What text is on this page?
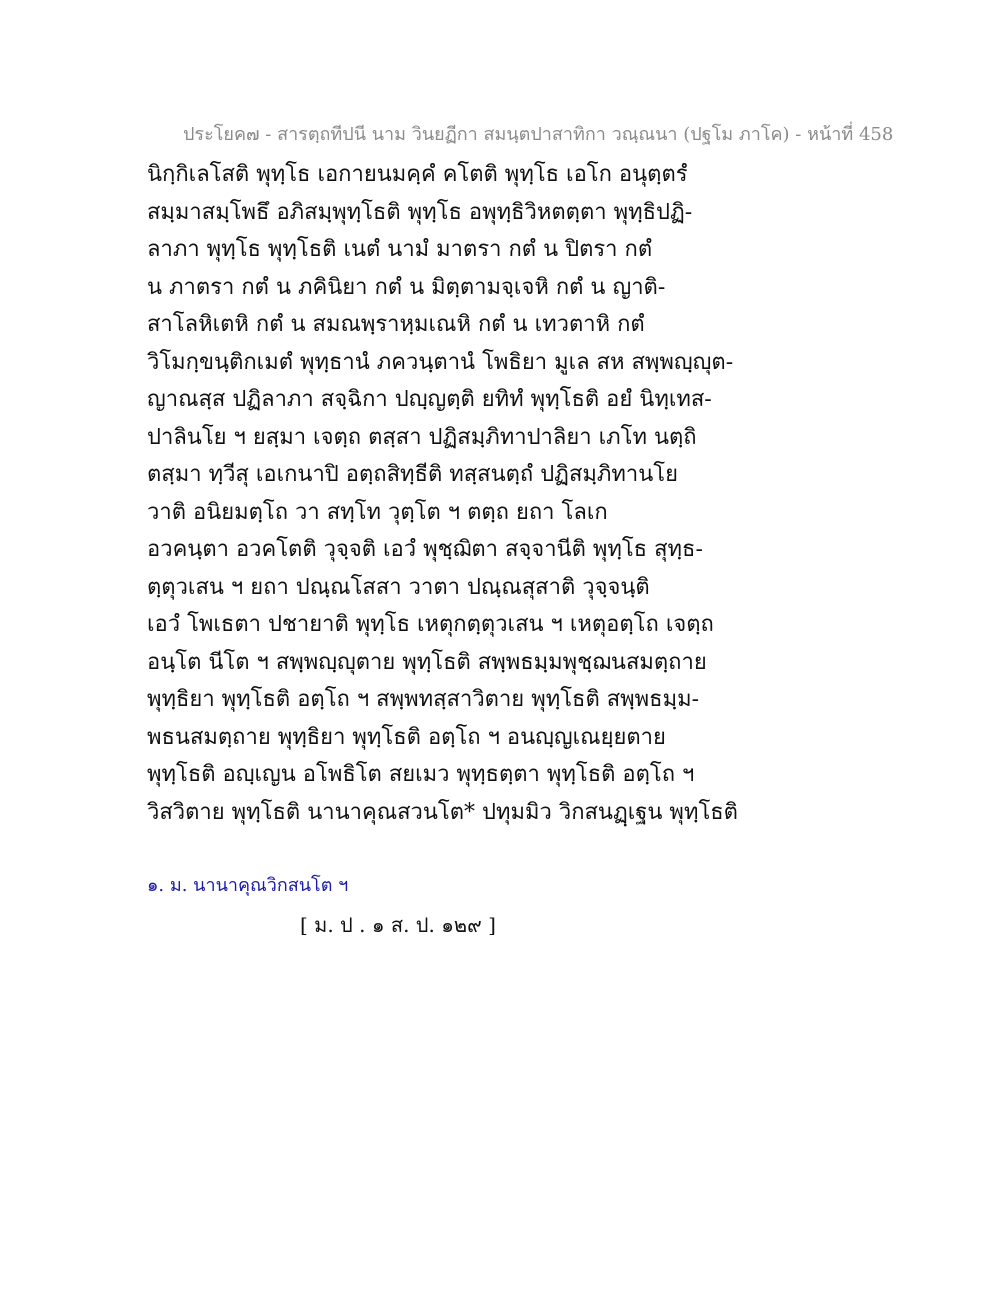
ประโยค๗ - สารตฺถทีปนี นาม วินยฏีกา สมนฺตปาสาทิกา วณฺณนา (ปฐโม ภาโค) - หน้าที่ 458
นิกฺกิเลโสติ พุทฺโธ เอกายนมคฺคํ คโตติ พุทฺโธ เอโก อนุตฺตรํ
สมฺมาสมฺโพธึ อภิสมฺพุทฺโธติ พุทฺโธ อพุทฺธิวิหตตฺตา พุทฺธิปฏิ-
ลาภา พุทฺโธ พุทฺโธติ เนตํ นามํ มาตรา กตํ น ปิตรา กตํ
น ภาตรา กตํ น ภคินิยา กตํ น มิตฺตามจฺเจหิ กตํ น ญาติ-
สาโลหิเตหิ กตํ น สมณพฺราหฺมเณหิ กตํ น เทวตาหิ กตํ
วิโมกฺขนฺติกเมตํ พุทฺธานํ ภควนฺตานํ โพธิยา มูเล สห สพฺพญฺญุต-
ญาณสฺส ปฏิลาภา สจฺฉิกา ปญฺญตฺติ ยทิทํ พุทฺโธติ อยํ นิทฺเทส-
ปาลินโย ฯ ยสฺมา เจตฺถ ตสฺสา ปฏิสมฺภิทาปาลิยา เภโท นตฺถิ
ตสฺมา ทฺวีสุ เอเกนาปิ อตฺถสิทฺธีติ ทสฺสนตฺถํ ปฏิสมฺภิทานโย
วาติ อนิยมตฺโถ วา สทฺโท วุตฺโต ฯ ตตฺถ ยถา โลเก
อวคนฺตา อวคโตติ วุจฺจติ เอวํ พุชฺฌิตา สจฺจานีติ พุทฺโธ สุทฺธ-
ตฺตุวเสน ฯ ยถา ปณฺณโสสา วาตา ปณฺณสุสาติ วุจฺจนฺติ
เอวํ โพเธตา ปชายาติ พุทฺโธ เหตุกตฺตุวเสน ฯ เหตุอตฺโถ เจตฺถ
อนฺโต นีโต ฯ สพฺพญฺญุตาย พุทฺโธติ สพฺพธมฺมพุชฺฌนสมตฺถาย
พุทฺธิยา พุทฺโธติ อตฺโถ ฯ สพฺพทสฺสาวิตาย พุทฺโธติ สพฺพธมฺม-
พธนสมตฺถาย พุทฺธิยา พุทฺโธติ อตฺโถ ฯ อนญฺญเณยฺยตาย
พุทฺโธติ อญฺเญน อโพธิโต สยเมว พุทฺธตฺตา พุทฺโธติ อตฺโถ ฯ
วิสวิตาย พุทฺโธติ นานาคุณสวนโต* ปทุมมิว วิกสนฏฺเฐน พุทฺโธติ
๑. ม. นานาคุณวิกสนโต ฯ
[ ม. ป . ๑ ส. ป. ๑๒๙ ]
